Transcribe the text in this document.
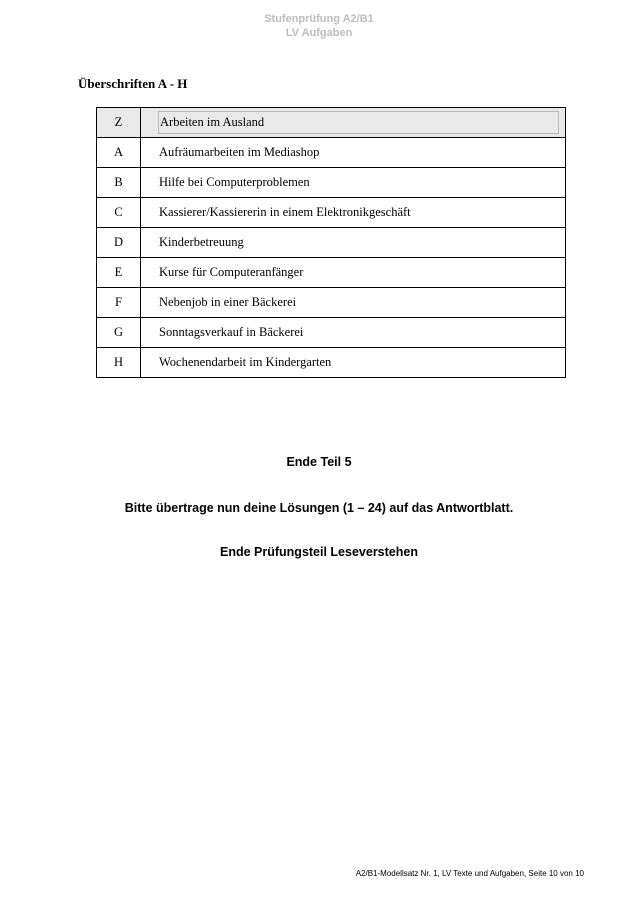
Stufenprüfung A2/B1
LV Aufgaben
Überschriften A - H
Z	Arbeiten im Ausland

A	Aufräumarbeiten im Mediashop
B	Hilfe bei Computerproblemen
C	Kassierer/Kassiererin in einem Elektronikgeschäft
D	Kinderbetreuung
E	Kurse für Computeranfänger
F	Nebenjob in einer Bäckerei
G	Sonntagsverkauf in Bäckerei
H	Wochenendarbeit im Kindergarten
Ende Teil 5
Bitte übertrage nun deine Lösungen (1 – 24) auf das Antwortblatt.
Ende Prüfungsteil Leseverstehen
A2/B1-Modellsatz Nr. 1, LV Texte und Aufgaben, Seite 10 von 10
